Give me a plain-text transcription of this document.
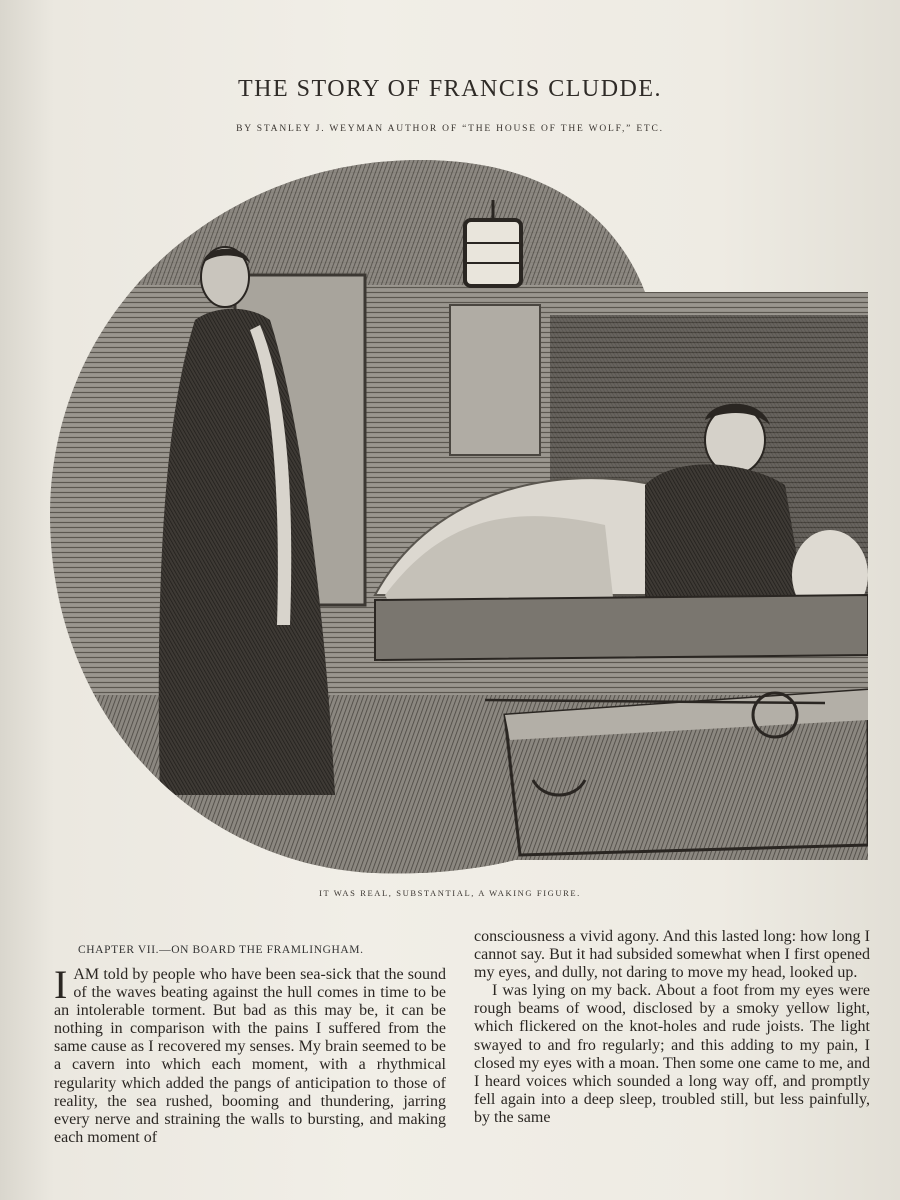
THE STORY OF FRANCIS CLUDDE.
BY STANLEY J. WEYMAN AUTHOR OF “THE HOUSE OF THE WOLF,” ETC.
IT WAS REAL, SUBSTANTIAL, A WAKING FIGURE.
CHAPTER VII.—ON BOARD THE FRAMLINGHAM.
I AM told by people who have been sea-sick that the sound of the waves beating against the hull comes in time to be an intolerable torment. But bad as this may be, it can be nothing in comparison with the pains I suffered from the same cause as I recovered my senses. My brain seemed to be a cavern into which each moment, with a rhythmical regularity which added the pangs of anticipation to those of reality, the sea rushed, booming and thundering, jarring every nerve and straining the walls to bursting, and making each moment of

consciousness a vivid agony. And this lasted long: how long I cannot say. But it had subsided somewhat when I first opened my eyes, and dully, not daring to move my head, looked up.

I was lying on my back. About a foot from my eyes were rough beams of wood, disclosed by a smoky yellow light, which flickered on the knot-holes and rude joists. The light swayed to and fro regularly; and this adding to my pain, I closed my eyes with a moan. Then some one came to me, and I heard voices which sounded a long way off, and promptly fell again into a deep sleep, troubled still, but less painfully, by the same
